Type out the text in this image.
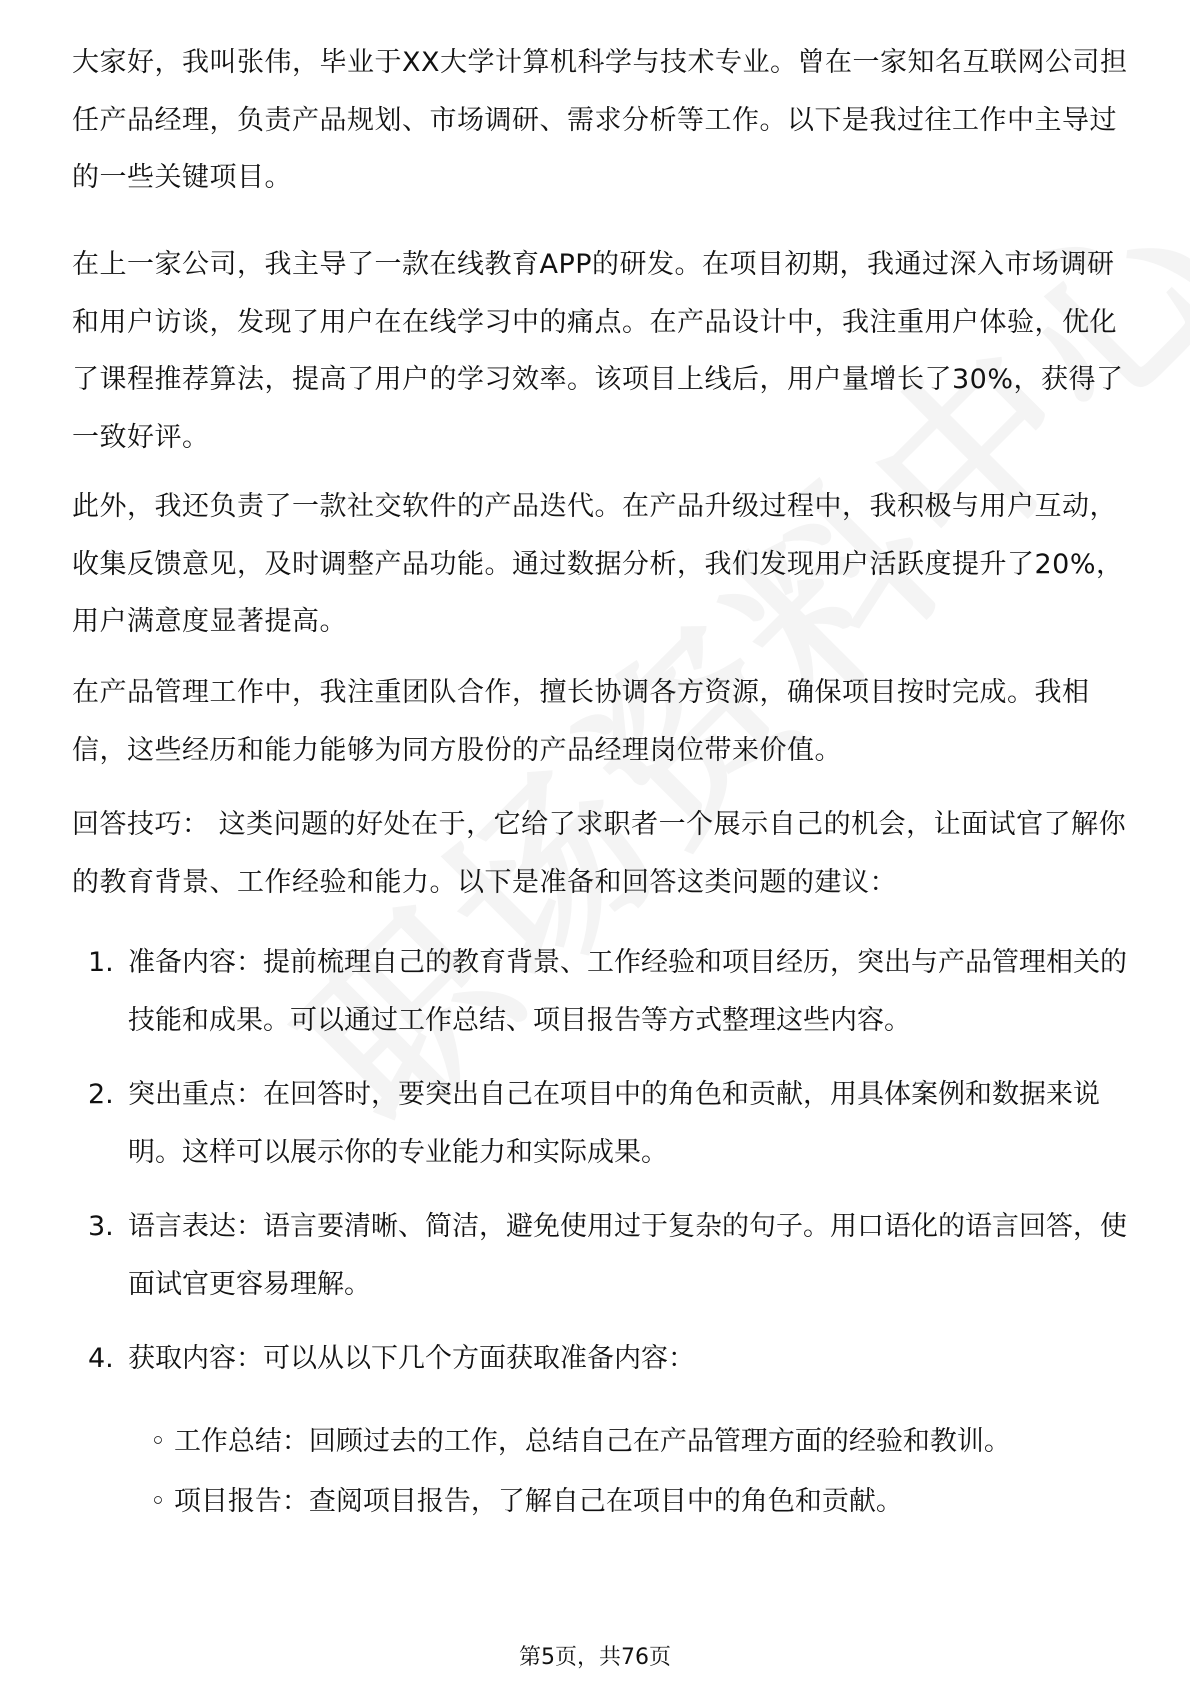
大家好，我叫张伟，毕业于XX大学计算机科学与技术专业。曾在一家知名互联网公司担任产品经理，负责产品规划、市场调研、需求分析等工作。以下是我过往工作中主导过的一些关键项目。

在上一家公司，我主导了一款在线教育APP的研发。在项目初期，我通过深入市场调研和用户访谈，发现了用户在在线学习中的痛点。在产品设计中，我注重用户体验，优化了课程推荐算法，提高了用户的学习效率。该项目上线后，用户量增长了30%，获得了一致好评。

此外，我还负责了一款社交软件的产品迭代。在产品升级过程中，我积极与用户互动，收集反馈意见，及时调整产品功能。通过数据分析，我们发现用户活跃度提升了20%，用户满意度显著提高。

在产品管理工作中，我注重团队合作，擅长协调各方资源，确保项目按时完成。我相信，这些经历和能力能够为同方股份的产品经理岗位带来价值。

回答技巧： 这类问题的好处在于，它给了求职者一个展示自己的机会，让面试官了解你的教育背景、工作经验和能力。以下是准备和回答这类问题的建议：

1. 准备内容：提前梳理自己的教育背景、工作经验和项目经历，突出与产品管理相关的技能和成果。可以通过工作总结、项目报告等方式整理这些内容。
2. 突出重点：在回答时，要突出自己在项目中的角色和贡献，用具体案例和数据来说明。这样可以展示你的专业能力和实际成果。
3. 语言表达：语言要清晰、简洁，避免使用过于复杂的句子。用口语化的语言回答，使面试官更容易理解。
4. 获取内容：可以从以下几个方面获取准备内容：
◦ 工作总结：回顾过去的工作，总结自己在产品管理方面的经验和教训。
◦ 项目报告：查阅项目报告，了解自己在项目中的角色和贡献。
第5页，共76页
